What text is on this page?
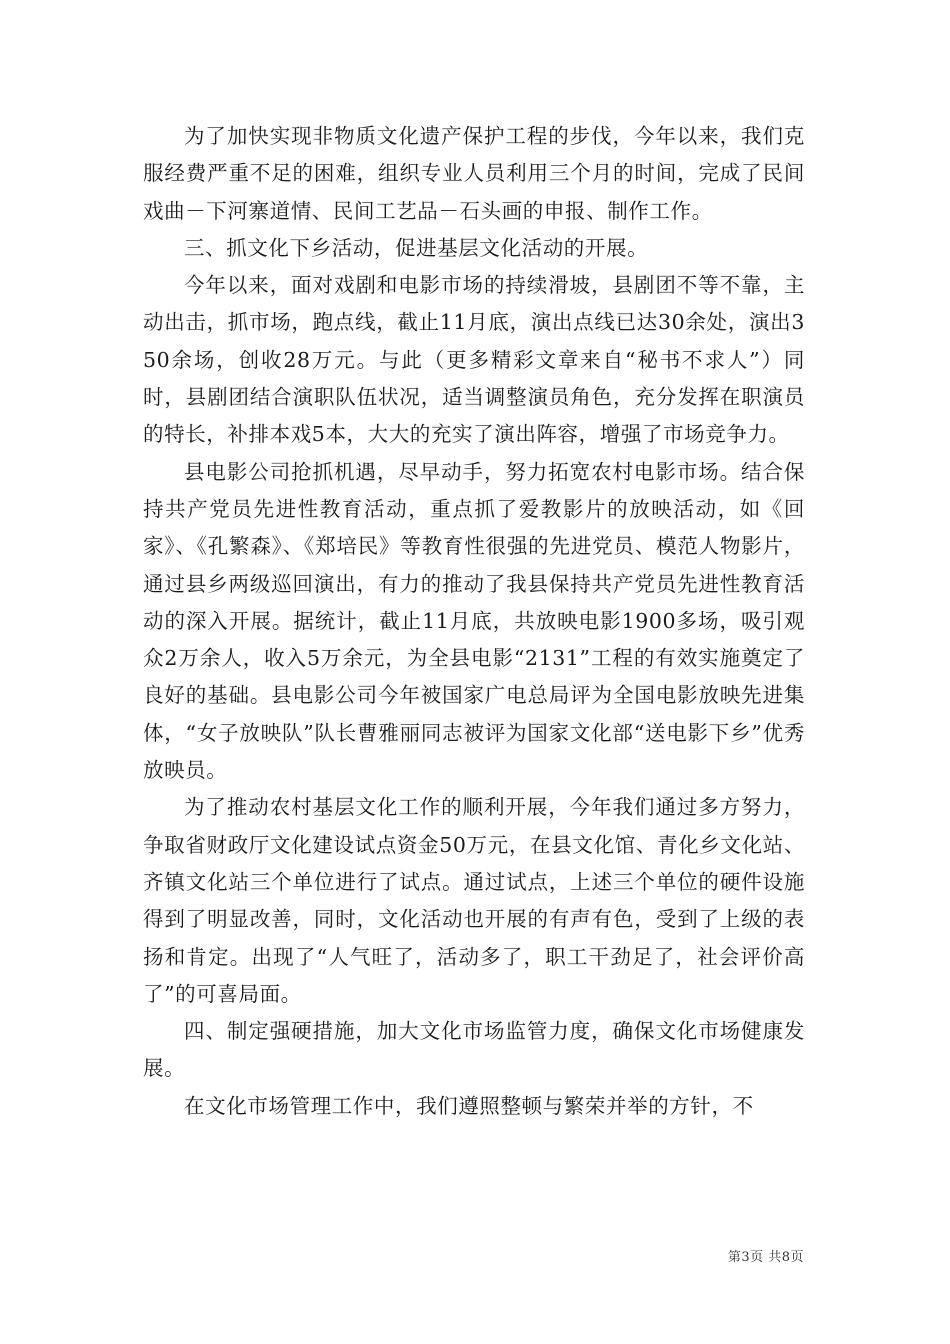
为了加快实现非物质文化遗产保护工程的步伐，今年以来，我们克服经费严重不足的困难，组织专业人员利用三个月的时间，完成了民间戏曲－下河寨道情、民间工艺品－石头画的申报、制作工作。

三、抓文化下乡活动，促进基层文化活动的开展。

今年以来，面对戏剧和电影市场的持续滑坡，县剧团不等不靠，主动出击，抓市场，跑点线，截止11月底，演出点线已达30余处，演出350余场，创收28万元。与此（更多精彩文章来自“秘书不求人”）同时，县剧团结合演职队伍状况，适当调整演员角色，充分发挥在职演员的特长，补排本戏5本，大大的充实了演出阵容，增强了市场竞争力。

县电影公司抢抓机遇，尽早动手，努力拓宽农村电影市场。结合保持共产党员先进性教育活动，重点抓了爱教影片的放映活动，如《回家》、《孔繁森》、《郑培民》等教育性很强的先进党员、模范人物影片，通过县乡两级巡回演出，有力的推动了我县保持共产党员先进性教育活动的深入开展。据统计，截止11月底，共放映电影1900多场，吸引观众2万余人，收入5万余元，为全县电影“2131”工程的有效实施奠定了良好的基础。县电影公司今年被国家广电总局评为全国电影放映先进集体，“女子放映队”队长曹雅丽同志被评为国家文化部“送电影下乡”优秀放映员。

为了推动农村基层文化工作的顺利开展，今年我们通过多方努力，争取省财政厅文化建设试点资金50万元，在县文化馆、青化乡文化站、齐镇文化站三个单位进行了试点。通过试点，上述三个单位的硬件设施得到了明显改善，同时，文化活动也开展的有声有色，受到了上级的表扬和肯定。出现了“人气旺了，活动多了，职工干劲足了，社会评价高了”的可喜局面。

四、制定强硬措施，加大文化市场监管力度，确保文化市场健康发展。

在文化市场管理工作中，我们遵照整顿与繁荣并举的方针，不

第3页 共8页
